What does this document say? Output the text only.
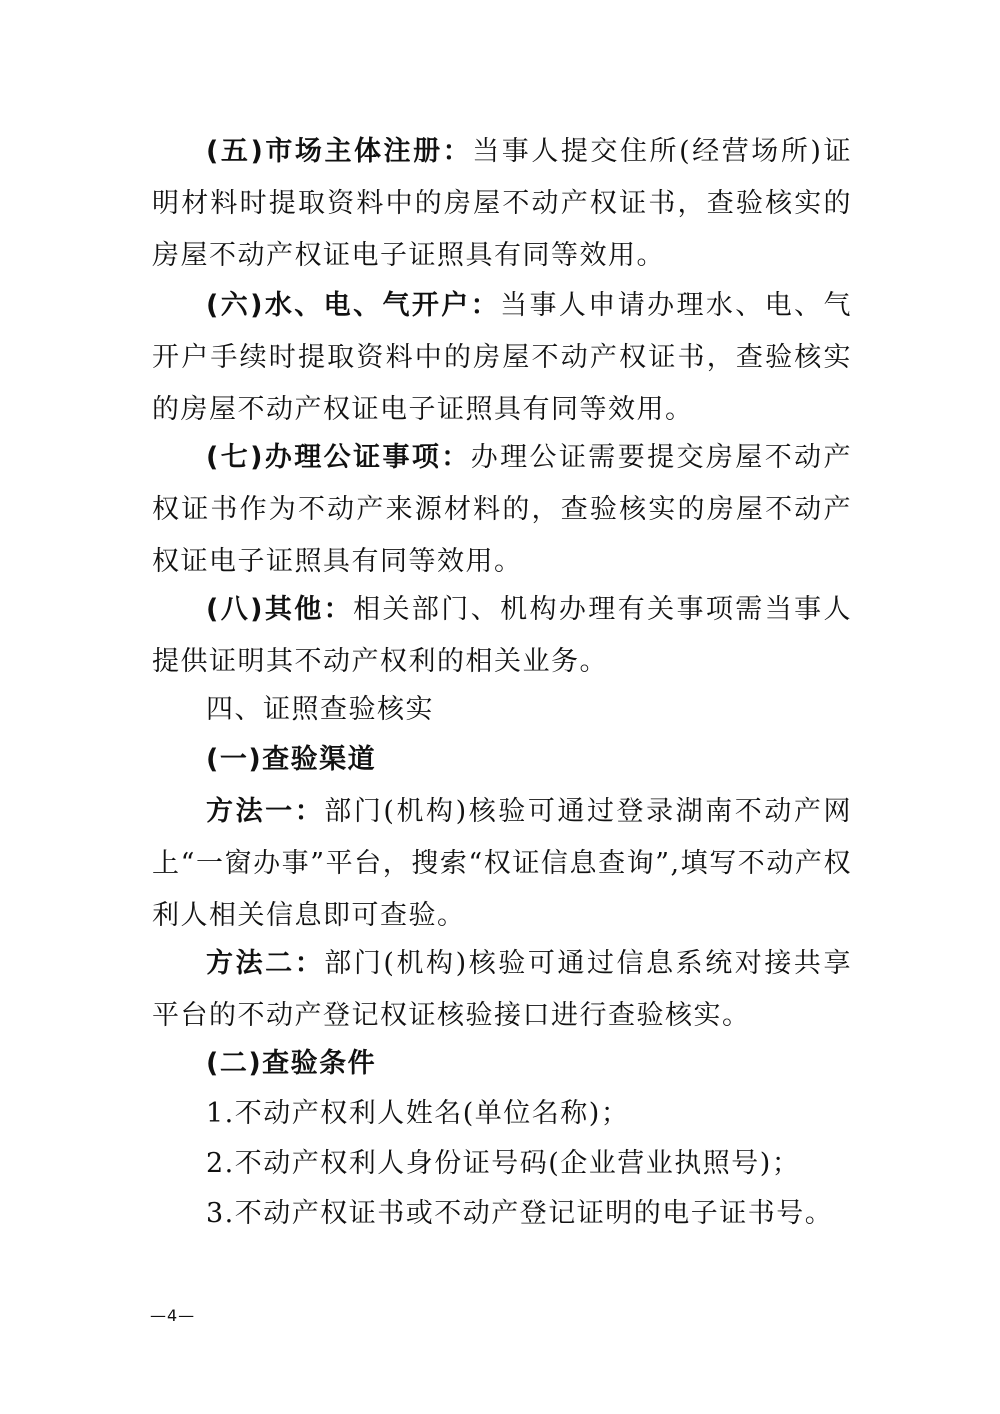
(五)市场主体注册：当事人提交住所(经营场所)证明材料时提取资料中的房屋不动产权证书，查验核实的房屋不动产权证电子证照具有同等效用。

(六)水、电、气开户：当事人申请办理水、电、气开户手续时提取资料中的房屋不动产权证书，查验核实的房屋不动产权证电子证照具有同等效用。

(七)办理公证事项：办理公证需要提交房屋不动产权证书作为不动产来源材料的，查验核实的房屋不动产权证电子证照具有同等效用。

(八)其他：相关部门、机构办理有关事项需当事人提供证明其不动产权利的相关业务。

四、证照查验核实

(一)查验渠道

方法一：部门(机构)核验可通过登录湖南不动产网上“一窗办事”平台，搜索“权证信息查询”,填写不动产权利人相关信息即可查验。

方法二：部门(机构)核验可通过信息系统对接共享平台的不动产登记权证核验接口进行查验核实。

(二)查验条件

1.不动产权利人姓名(单位名称)；

2.不动产权利人身份证号码(企业营业执照号)；

3.不动产权证书或不动产登记证明的电子证书号。

—4—
